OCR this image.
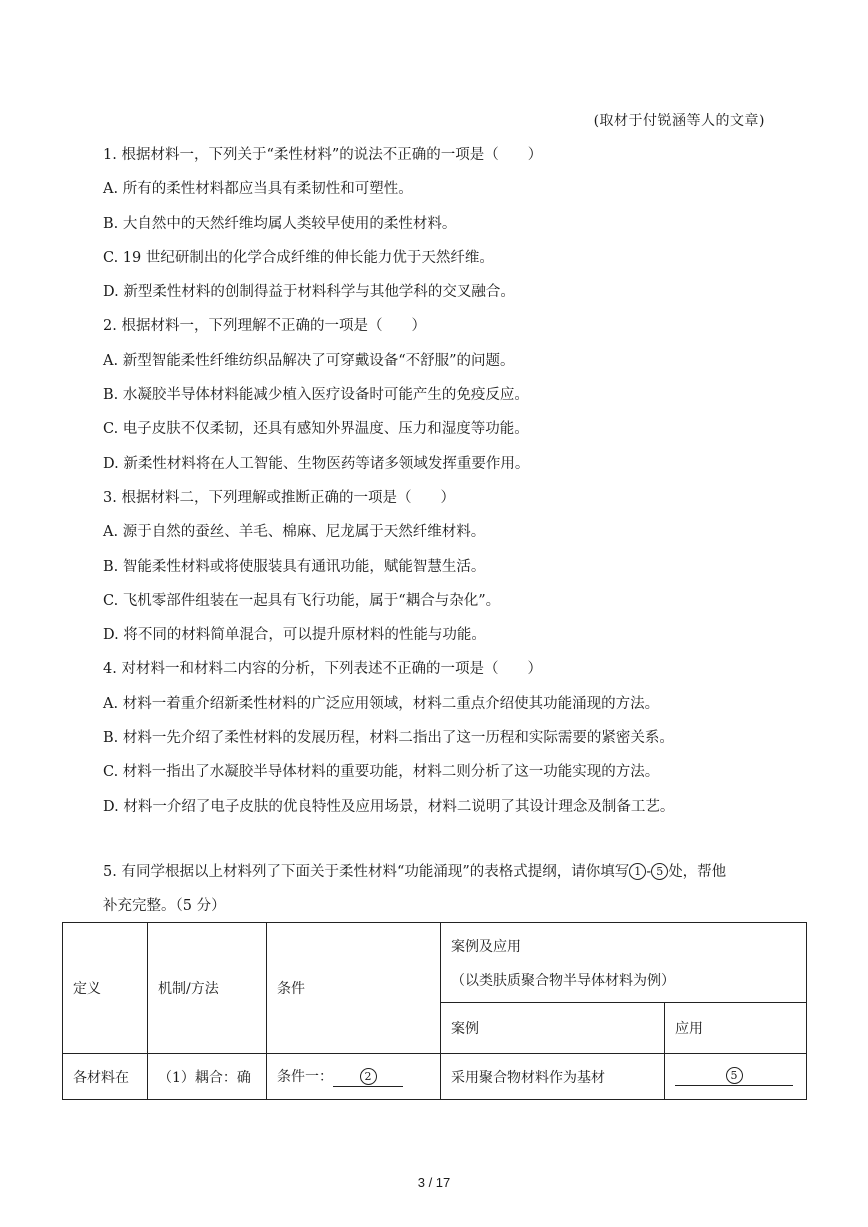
(取材于付锐涵等人的文章)
1. 根据材料一，下列关于“柔性材料”的说法不正确的一项是（　　）
A. 所有的柔性材料都应当具有柔韧性和可塑性。
B. 大自然中的天然纤维均属人类较早使用的柔性材料。
C. 19 世纪研制出的化学合成纤维的伸长能力优于天然纤维。
D. 新型柔性材料的创制得益于材料科学与其他学科的交叉融合。
2. 根据材料一，下列理解不正确的一项是（　　）
A. 新型智能柔性纤维纺织品解决了可穿戴设备“不舒服”的问题。
B. 水凝胶半导体材料能减少植入医疗设备时可能产生的免疫反应。
C. 电子皮肤不仅柔韧，还具有感知外界温度、压力和湿度等功能。
D. 新柔性材料将在人工智能、生物医药等诸多领域发挥重要作用。
3. 根据材料二，下列理解或推断正确的一项是（　　）
A. 源于自然的蚕丝、羊毛、棉麻、尼龙属于天然纤维材料。
B. 智能柔性材料或将使服装具有通讯功能，赋能智慧生活。
C. 飞机零部件组装在一起具有飞行功能，属于“耦合与杂化”。
D. 将不同的材料简单混合，可以提升原材料的性能与功能。
4. 对材料一和材料二内容的分析，下列表述不正确的一项是（　　）
A. 材料一着重介绍新柔性材料的广泛应用领域，材料二重点介绍使其功能涌现的方法。
B. 材料一先介绍了柔性材料的发展历程，材料二指出了这一历程和实际需要的紧密关系。
C. 材料一指出了水凝胶半导体材料的重要功能，材料二则分析了这一功能实现的方法。
D. 材料一介绍了电子皮肤的优良特性及应用场景，材料二说明了其设计理念及制备工艺。
5. 有同学根据以上材料列了下面关于柔性材料“功能涌现”的表格式提纲，请你填写 1 - 5 处，帮他
补充完整。（5 分）
定义	机制/方法	条件	案例及应用
（以类肤质聚合物半导体材料为例）	

			案例	应用
各材料在	（1）耦合：确	条件一： 2	采用聚合物材料作为基材	5
3 / 17
